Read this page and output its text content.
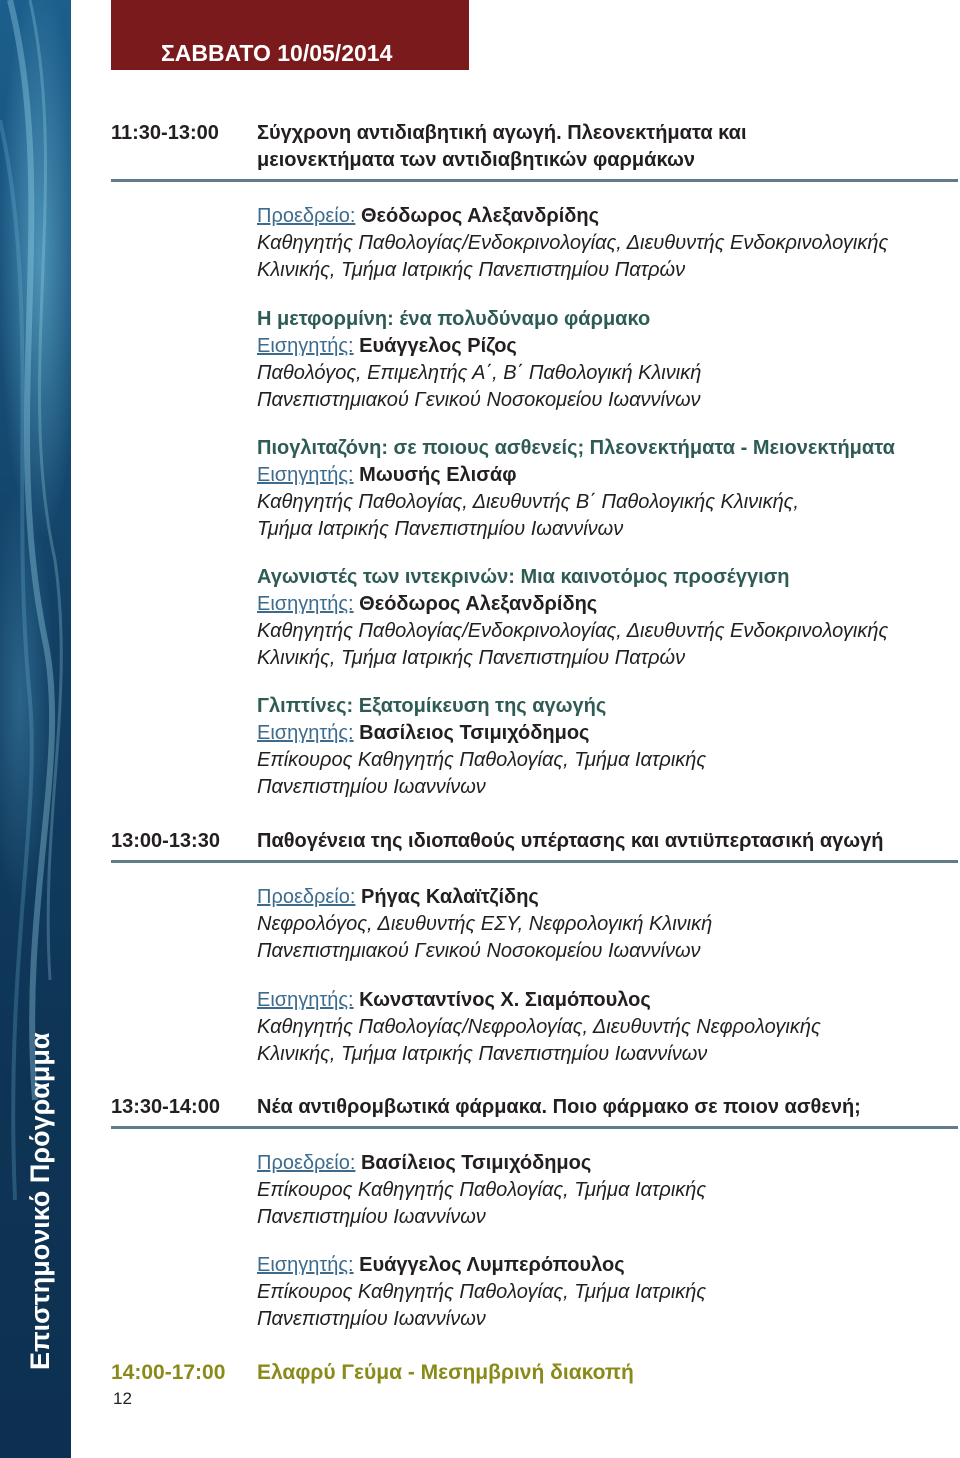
Επιστημονικό Πρόγραμμα
ΣΑΒΒΑΤΟ 10/05/2014
11:30-13:00 Σύγχρονη αντιδιαβητική αγωγή. Πλεονεκτήματα και
μειονεκτήματα των αντιδιαβητικών φαρμάκων
Προεδρείο: Θεόδωρος Αλεξανδρίδης
Καθηγητής Παθολογίας/Ενδοκρινολογίας, Διευθυντής Ενδοκρινολογικής
Κλινικής, Τμήμα Ιατρικής Πανεπιστημίου Πατρών
Η μετφορμίνη: ένα πολυδύναμο φάρμακο
Εισηγητής: Ευάγγελος Ρίζος
Παθολόγος, Επιμελητής Α΄, Β΄ Παθολογική Κλινική
Πανεπιστημιακού Γενικού Νοσοκομείου Ιωαννίνων
Πιογλιταζόνη: σε ποιους ασθενείς; Πλεονεκτήματα - Μειονεκτήματα
Εισηγητής: Μωυσής Ελισάφ
Καθηγητής Παθολογίας, Διευθυντής Β΄ Παθολογικής Κλινικής,
Τμήμα Ιατρικής Πανεπιστημίου Ιωαννίνων
Αγωνιστές των ιντεκρινών: Μια καινοτόμος προσέγγιση
Εισηγητής: Θεόδωρος Αλεξανδρίδης
Καθηγητής Παθολογίας/Ενδοκρινολογίας, Διευθυντής Ενδοκρινολογικής
Κλινικής, Τμήμα Ιατρικής Πανεπιστημίου Πατρών
Γλιπτίνες: Εξατομίκευση της αγωγής
Εισηγητής: Βασίλειος Τσιμιχόδημος
Επίκουρος Καθηγητής Παθολογίας, Τμήμα Ιατρικής
Πανεπιστημίου Ιωαννίνων
13:00-13:30 Παθογένεια της ιδιοπαθούς υπέρτασης και αντιϋπερτασική αγωγή
Προεδρείο: Ρήγας Καλαϊτζίδης
Νεφρολόγος, Διευθυντής ΕΣΥ, Νεφρολογική Κλινική
Πανεπιστημιακού Γενικού Νοσοκομείου Ιωαννίνων
Εισηγητής: Κωνσταντίνος Χ. Σιαμόπουλος
Καθηγητής Παθολογίας/Νεφρολογίας, Διευθυντής Νεφρολογικής
Κλινικής, Τμήμα Ιατρικής Πανεπιστημίου Ιωαννίνων
13:30-14:00 Νέα αντιθρομβωτικά φάρμακα. Ποιο φάρμακο σε ποιον ασθενή;
Προεδρείο: Βασίλειος Τσιμιχόδημος
Επίκουρος Καθηγητής Παθολογίας, Τμήμα Ιατρικής
Πανεπιστημίου Ιωαννίνων
Εισηγητής: Ευάγγελος Λυμπερόπουλος
Επίκουρος Καθηγητής Παθολογίας, Τμήμα Ιατρικής
Πανεπιστημίου Ιωαννίνων
14:00-17:00 Ελαφρύ Γεύμα - Μεσημβρινή διακοπή
12
